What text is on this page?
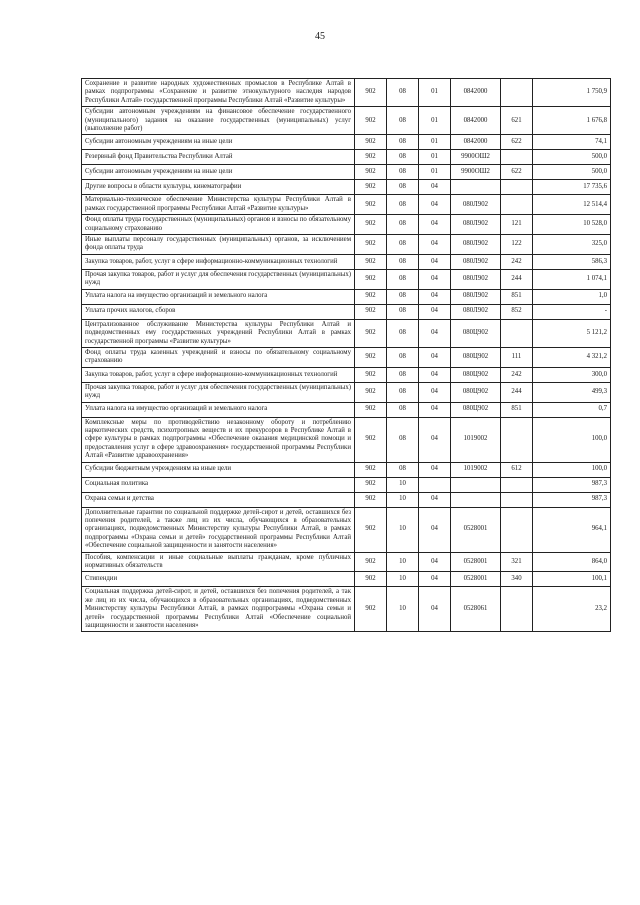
45
Сохранение и развитие народных художественных промыслов в Республике Алтай в рамках подпрограммы «Сохранение и развитие этнокультурного наследия народов Республики Алтай» государственной программы Республики Алтай «Развитие культуры»	902	08	01	0842000		1 750,9
Субсидии автономным учреждениям на финансовое обеспечение государственного (муниципального) задания на оказание государственных (муниципальных) услуг (выполнение работ)	902	08	01	0842000	621	1 676,8
Субсидии автономным учреждениям на иные цели	902	08	01	0842000	622	74,1
Резервный фонд Правительства Республики Алтай	902	08	01	9900ОШ2		500,0
Субсидии автономным учреждениям на иные цели	902	08	01	9900ОШ2	622	500,0
Другие вопросы в области культуры, кинематографии	902	08	04			17 735,6
Материально-техническое обеспечение Министерства культуры Республики Алтай в рамках государственной программы Республики Алтай «Развитие культуры»	902	08	04	080Л902		12 514,4
Фонд оплаты труда государственных (муниципальных) органов и взносы по обязательному социальному страхованию	902	08	04	080Л902	121	10 528,0
Иные выплаты персоналу государственных (муниципальных) органов, за исключением фонда оплаты труда	902	08	04	080Л902	122	325,0
Закупка товаров, работ, услуг в сфере информационно-коммуникационных технологий	902	08	04	080Л902	242	586,3
Прочая закупка товаров, работ и услуг для обеспечения государственных (муниципальных) нужд	902	08	04	080Л902	244	1 074,1
Уплата налога на имущество организаций и земельного налога	902	08	04	080Л902	851	1,0
Уплата прочих налогов, сборов	902	08	04	080Л902	852	-
Централизованное обслуживание Министерства культуры Республики Алтай и подведомственных ему государственных учреждений Республики Алтай в рамках государственной программы «Развитие культуры»	902	08	04	080Ц902		5 121,2
Фонд оплаты труда казенных учреждений и взносы по обязательному социальному страхованию	902	08	04	080Ц902	111	4 321,2
Закупка товаров, работ, услуг в сфере информационно-коммуникационных технологий	902	08	04	080Ц902	242	300,0
Прочая закупка товаров, работ и услуг для обеспечения государственных (муниципальных) нужд	902	08	04	080Ц902	244	499,3
Уплата налога на имущество организаций и земельного налога	902	08	04	080Ц902	851	0,7
Комплексные меры по противодействию незаконному обороту и потреблению наркотических средств, психотропных веществ и их прекурсоров в Республике Алтай в сфере культуры в рамках подпрограммы «Обеспечение оказания медицинской помощи и предоставления услуг в сфере здравоохранения» государственной программы Республики Алтай «Развитие здравоохранения»	902	08	04	1019002		100,0
Субсидии бюджетным учреждениям на иные цели	902	08	04	1019002	612	100,0
Социальная политика	902	10				987,3
Охрана семьи и детства	902	10	04			987,3
Дополнительные гарантии по социальной поддержке детей-сирот и детей, оставшихся без попечения родителей, а также лиц из их числа, обучающихся в образовательных организациях, подведомственных Министерству культуры Республики Алтай, в рамках подпрограммы «Охрана семьи и детей» государственной программы Республики Алтай «Обеспечение социальной защищенности и занятости населения»	902	10	04	0528001		964,1
Пособия, компенсации и иные социальные выплаты гражданам, кроме публичных нормативных обязательств	902	10	04	0528001	321	864,0
Стипендии	902	10	04	0528001	340	100,1
Социальная поддержка детей-сирот, и детей, оставшихся без попечения родителей, а так же лиц из их числа, обучающихся в образовательных организациях, подведомственных Министерству культуры Республики Алтай, в рамках подпрограммы «Охрана семьи и детей» государственной программы Республики Алтай «Обеспечение социальной защищенности и занятости населения»	902	10	04	0528061		23,2
